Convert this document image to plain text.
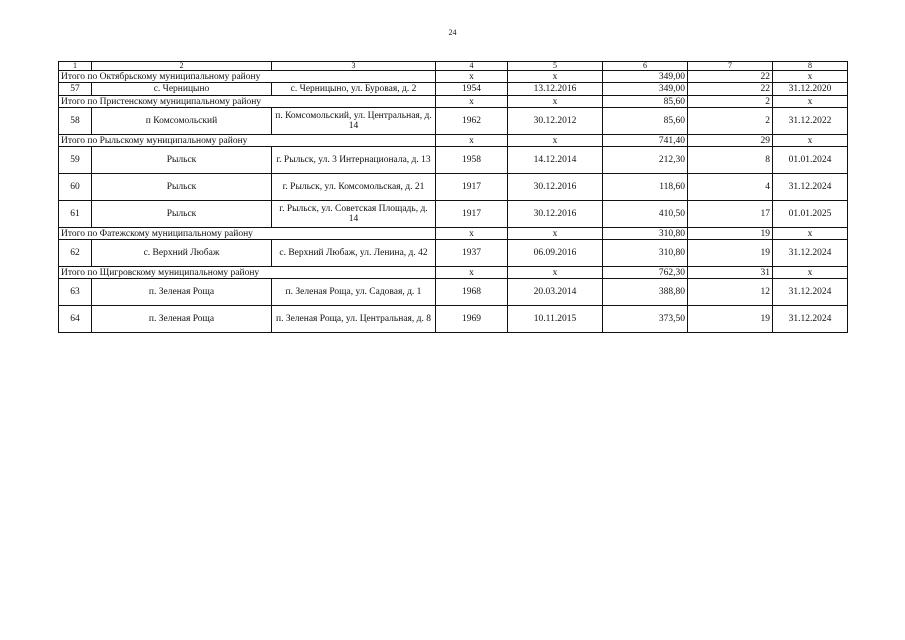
24
1	2	3	4	5	6	7	8
Итого по Октябрьскому муниципальному району			х	х	349,00	22	х
57	с. Черницыно	с. Черницыно, ул. Буровая, д. 2	1954	13.12.2016	349,00	22	31.12.2020
Итого по Пристенскому муниципальному району			х	х	85,60	2	х
58	п Комсомольский	п. Комсомольский, ул. Центральная, д. 14	1962	30.12.2012	85,60	2	31.12.2022
Итого по Рыльскому муниципальному району			х	х	741,40	29	х
59	Рыльск	г. Рыльск, ул. 3 Интернационала, д. 13	1958	14.12.2014	212,30	8	01.01.2024
60	Рыльск	г. Рыльск, ул. Комсомольская, д. 21	1917	30.12.2016	118,60	4	31.12.2024
61	Рыльск	г. Рыльск, ул. Советская Площадь, д. 14	1917	30.12.2016	410,50	17	01.01.2025
Итого по Фатежскому муниципальному району			х	х	310,80	19	х
62	с. Верхний Любаж	с. Верхний Любаж, ул. Ленина, д. 42	1937	06.09.2016	310,80	19	31.12.2024
Итого по Щигровскому муниципальному району			х	х	762,30	31	х
63	п. Зеленая Роща	п. Зеленая Роща, ул. Садовая, д. 1	1968	20.03.2014	388,80	12	31.12.2024
64	п. Зеленая Роща	п. Зеленая Роща, ул. Центральная, д. 8	1969	10.11.2015	373,50	19	31.12.2024
